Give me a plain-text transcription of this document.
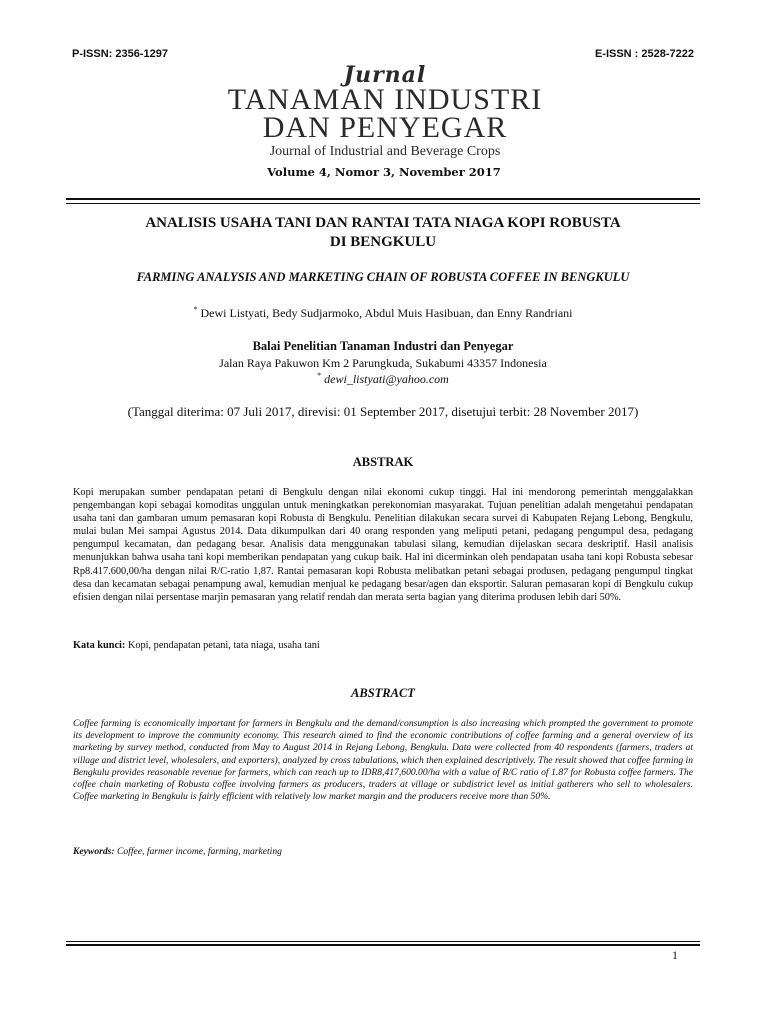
P-ISSN: 2356-1297	E-ISSN : 2528-7222
Jurnal
TANAMAN INDUSTRI
DAN PENYEGAR
Journal of Industrial and Beverage Crops
Volume 4, Nomor 3, November 2017
ANALISIS USAHA TANI DAN RANTAI TATA NIAGA KOPI ROBUSTA
DI BENGKULU
FARMING ANALYSIS AND MARKETING CHAIN OF ROBUSTA COFFEE IN BENGKULU
* Dewi Listyati, Bedy Sudjarmoko, Abdul Muis Hasibuan, dan Enny Randriani
Balai Penelitian Tanaman Industri dan Penyegar
Jalan Raya Pakuwon Km 2 Parungkuda, Sukabumi 43357 Indonesia
* dewi_listyati@yahoo.com
(Tanggal diterima: 07 Juli 2017, direvisi: 01 September 2017, disetujui terbit: 28 November 2017)
ABSTRAK
Kopi merupakan sumber pendapatan petani di Bengkulu dengan nilai ekonomi cukup tinggi. Hal ini mendorong pemerintah menggalakkan pengembangan kopi sebagai komoditas unggulan untuk meningkatkan perekonomian masyarakat. Tujuan penelitian adalah mengetahui pendapatan usaha tani dan gambaran umum pemasaran kopi Robusta di Bengkulu. Penelitian dilakukan secara survei di Kabupaten Rejang Lebong, Bengkulu, mulai bulan Mei sampai Agustus 2014. Data dikumpulkan dari 40 orang responden yang meliputi petani, pedagang pengumpul desa, pedagang pengumpul kecamatan, dan pedagang besar. Analisis data menggunakan tabulasi silang, kemudian dijelaskan secara deskriptif. Hasil analisis menunjukkan bahwa usaha tani kopi memberikan pendapatan yang cukup baik. Hal ini dicerminkan oleh pendapatan usaha tani kopi Robusta sebesar Rp8.417.600,00/ha dengan nilai R/C-ratio 1,87. Rantai pemasaran kopi Robusta melibatkan petani sebagai produsen, pedagang pengumpul tingkat desa dan kecamatan sebagai penampung awal, kemudian menjual ke pedagang besar/agen dan eksportir. Saluran pemasaran kopi di Bengkulu cukup efisien dengan nilai persentase marjin pemasaran yang relatif rendah dan merata serta bagian yang diterima produsen lebih dari 50%.
Kata kunci: Kopi, pendapatan petani, tata niaga, usaha tani
ABSTRACT
Coffee farming is economically important for farmers in Bengkulu and the demand/consumption is also increasing which prompted the government to promote its development to improve the community economy. This research aimed to find the economic contributions of coffee farming and a general overview of its marketing by survey method, conducted from May to August 2014 in Rejang Lebong, Bengkulu. Data were collected from 40 respondents (farmers, traders at village and district level, wholesalers, and exporters), analyzed by cross tabulations, which then explained descriptively. The result showed that coffee farming in Bengkulu provides reasonable revenue for farmers, which can reach up to IDR8,417,600.00/ha with a value of R/C ratio of 1.87 for Robusta coffee farmers. The coffee chain marketing of Robusta coffee involving farmers as producers, traders at village or subdistrict level as initial gatherers who sell to wholesalers. Coffee marketing in Bengkulu is fairly efficient with relatively low market margin and the producers receive more than 50%.
Keywords: Coffee, farmer income, farming, marketing
1
